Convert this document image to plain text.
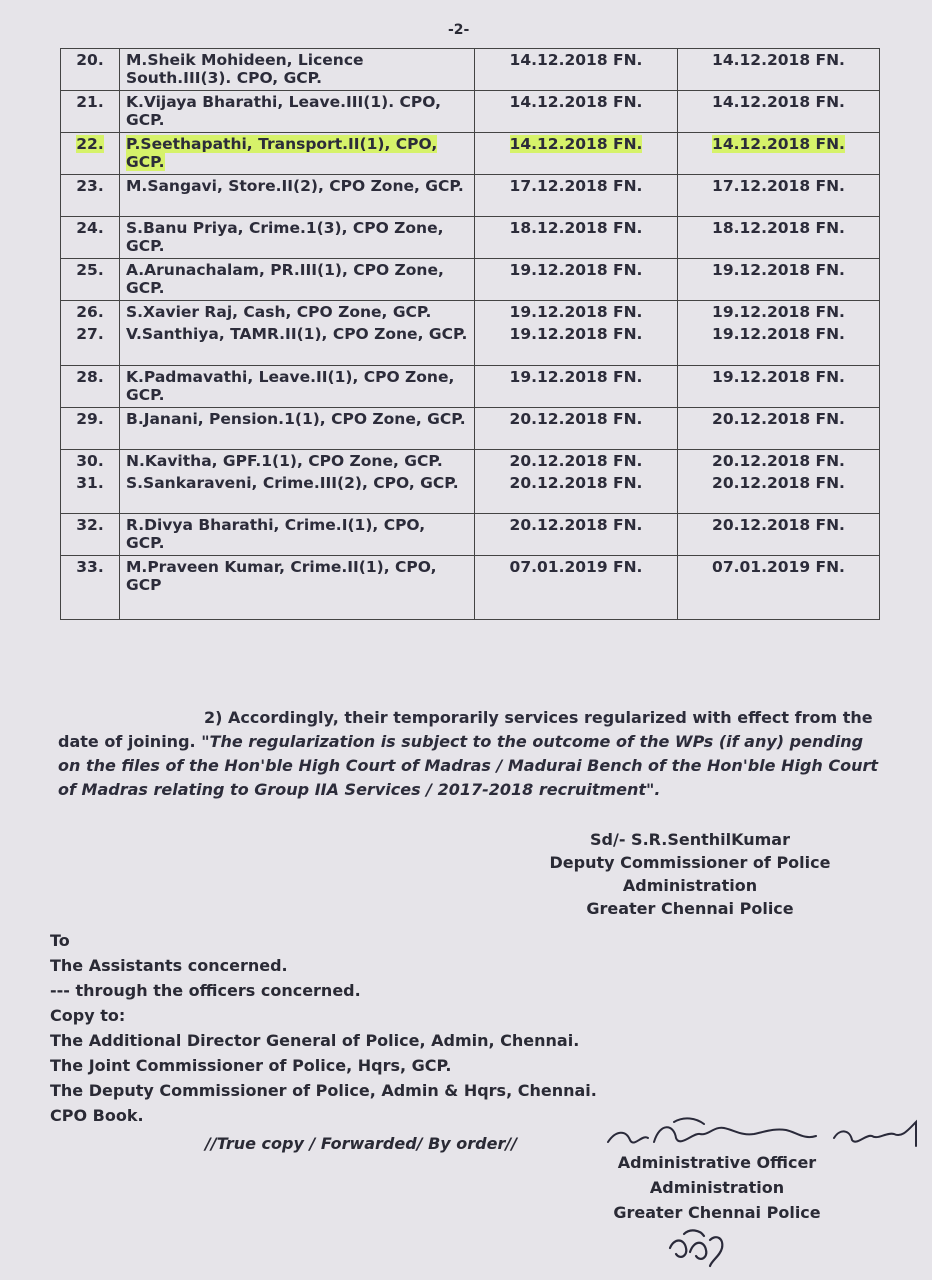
-2-
20.	M.Sheik Mohideen, Licence South.III(3). CPO, GCP.	14.12.2018 FN.	14.12.2018 FN.
21.	K.Vijaya Bharathi, Leave.III(1). CPO, GCP.	14.12.2018 FN.	14.12.2018 FN.
22.	P.Seethapathi, Transport.II(1), CPO, GCP.	14.12.2018 FN.	14.12.2018 FN.
23.	M.Sangavi, Store.II(2), CPO Zone, GCP.	17.12.2018 FN.	17.12.2018 FN.
24.	S.Banu Priya, Crime.1(3), CPO Zone, GCP.	18.12.2018 FN.	18.12.2018 FN.
25.	A.Arunachalam, PR.III(1), CPO Zone, GCP.	19.12.2018 FN.	19.12.2018 FN.
26.	S.Xavier Raj, Cash, CPO Zone, GCP.	19.12.2018 FN.	19.12.2018 FN.
27.	V.Santhiya, TAMR.II(1), CPO Zone, GCP.	19.12.2018 FN.	19.12.2018 FN.
28.	K.Padmavathi, Leave.II(1), CPO Zone, GCP.	19.12.2018 FN.	19.12.2018 FN.
29.	B.Janani, Pension.1(1), CPO Zone, GCP.	20.12.2018 FN.	20.12.2018 FN.
30.	N.Kavitha, GPF.1(1), CPO Zone, GCP.	20.12.2018 FN.	20.12.2018 FN.
31.	S.Sankaraveni, Crime.III(2), CPO, GCP.	20.12.2018 FN.	20.12.2018 FN.
32.	R.Divya Bharathi, Crime.I(1), CPO, GCP.	20.12.2018 FN.	20.12.2018 FN.
33.	M.Praveen Kumar, Crime.II(1), CPO, GCP	07.01.2019 FN.	07.01.2019 FN.
2) Accordingly, their temporarily services regularized with effect from the date of joining. "The regularization is subject to the outcome of the WPs (if any) pending on the files of the Hon'ble High Court of Madras / Madurai Bench of the Hon'ble High Court of Madras relating to Group IIA Services / 2017-2018 recruitment".
Sd/- S.R.SenthilKumar
Deputy Commissioner of Police
Administration
Greater Chennai Police
To
The Assistants concerned.
--- through the officers concerned.
Copy to:
The Additional Director General of Police, Admin, Chennai.
The Joint Commissioner of Police, Hqrs, GCP.
The Deputy Commissioner of Police, Admin & Hqrs, Chennai.
CPO Book.
//True copy / Forwarded/ By order//
Administrative Officer
Administration
Greater Chennai Police
